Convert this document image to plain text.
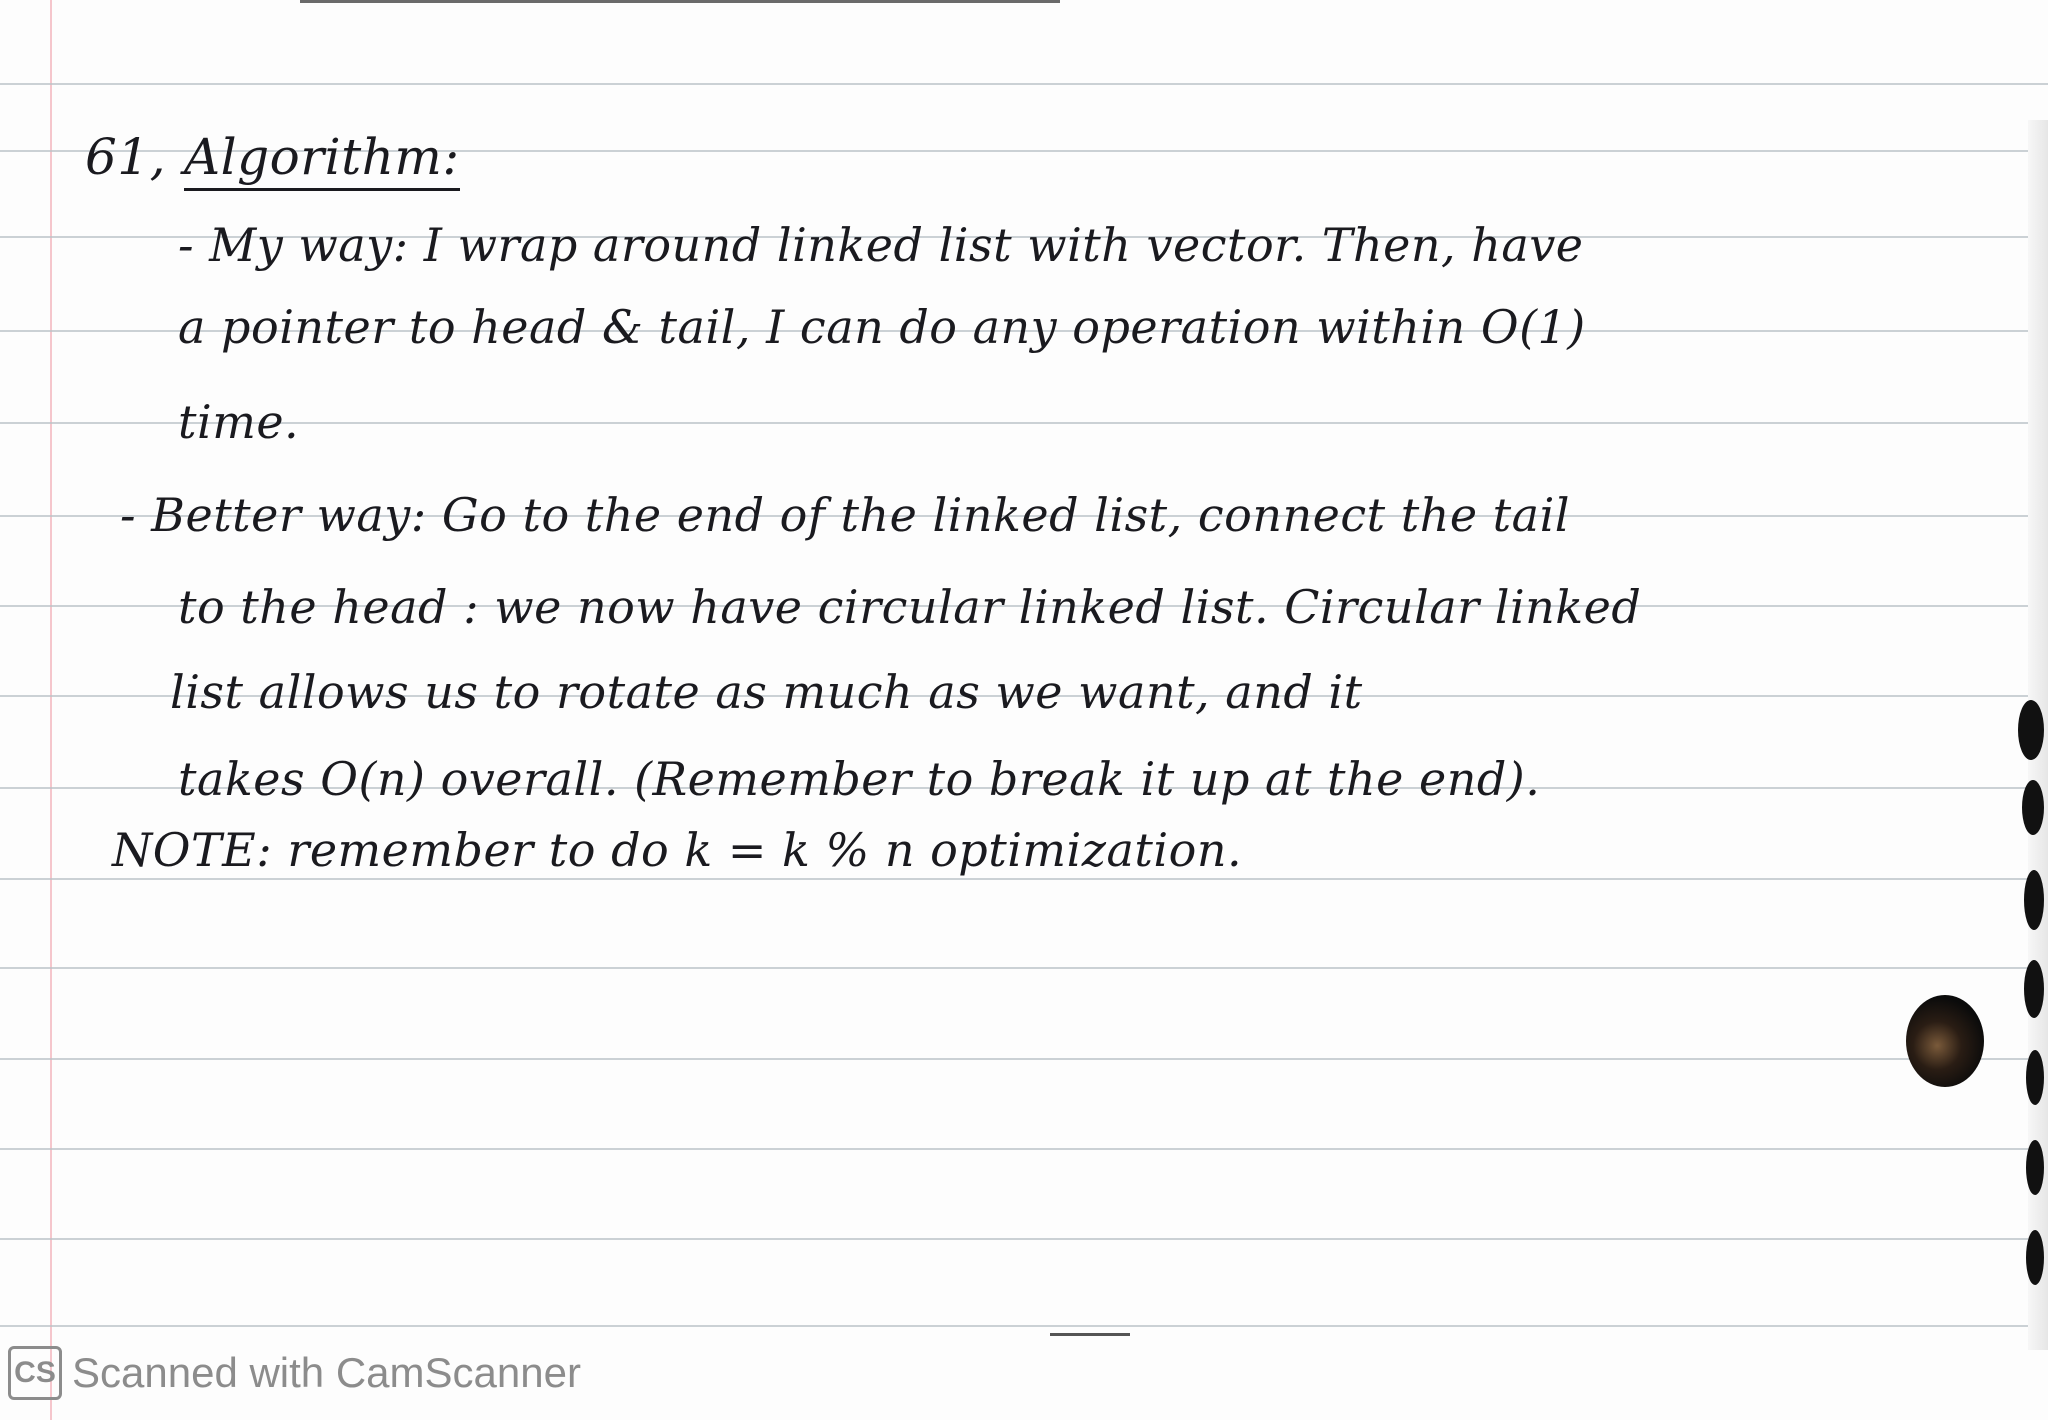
61, Algorithm:
- My way: I wrap around linked list with vector. Then, have
a pointer to head & tail, I can do any operation within O(1)
time.
- Better way: Go to the end of the linked list, connect the tail
to the head : we now have circular linked list. Circular linked
list allows us to rotate as much as we want, and it
takes O(n) overall. (Remember to break it up at the end).
NOTE: remember to do k = k % n optimization.
CS Scanned with CamScanner
